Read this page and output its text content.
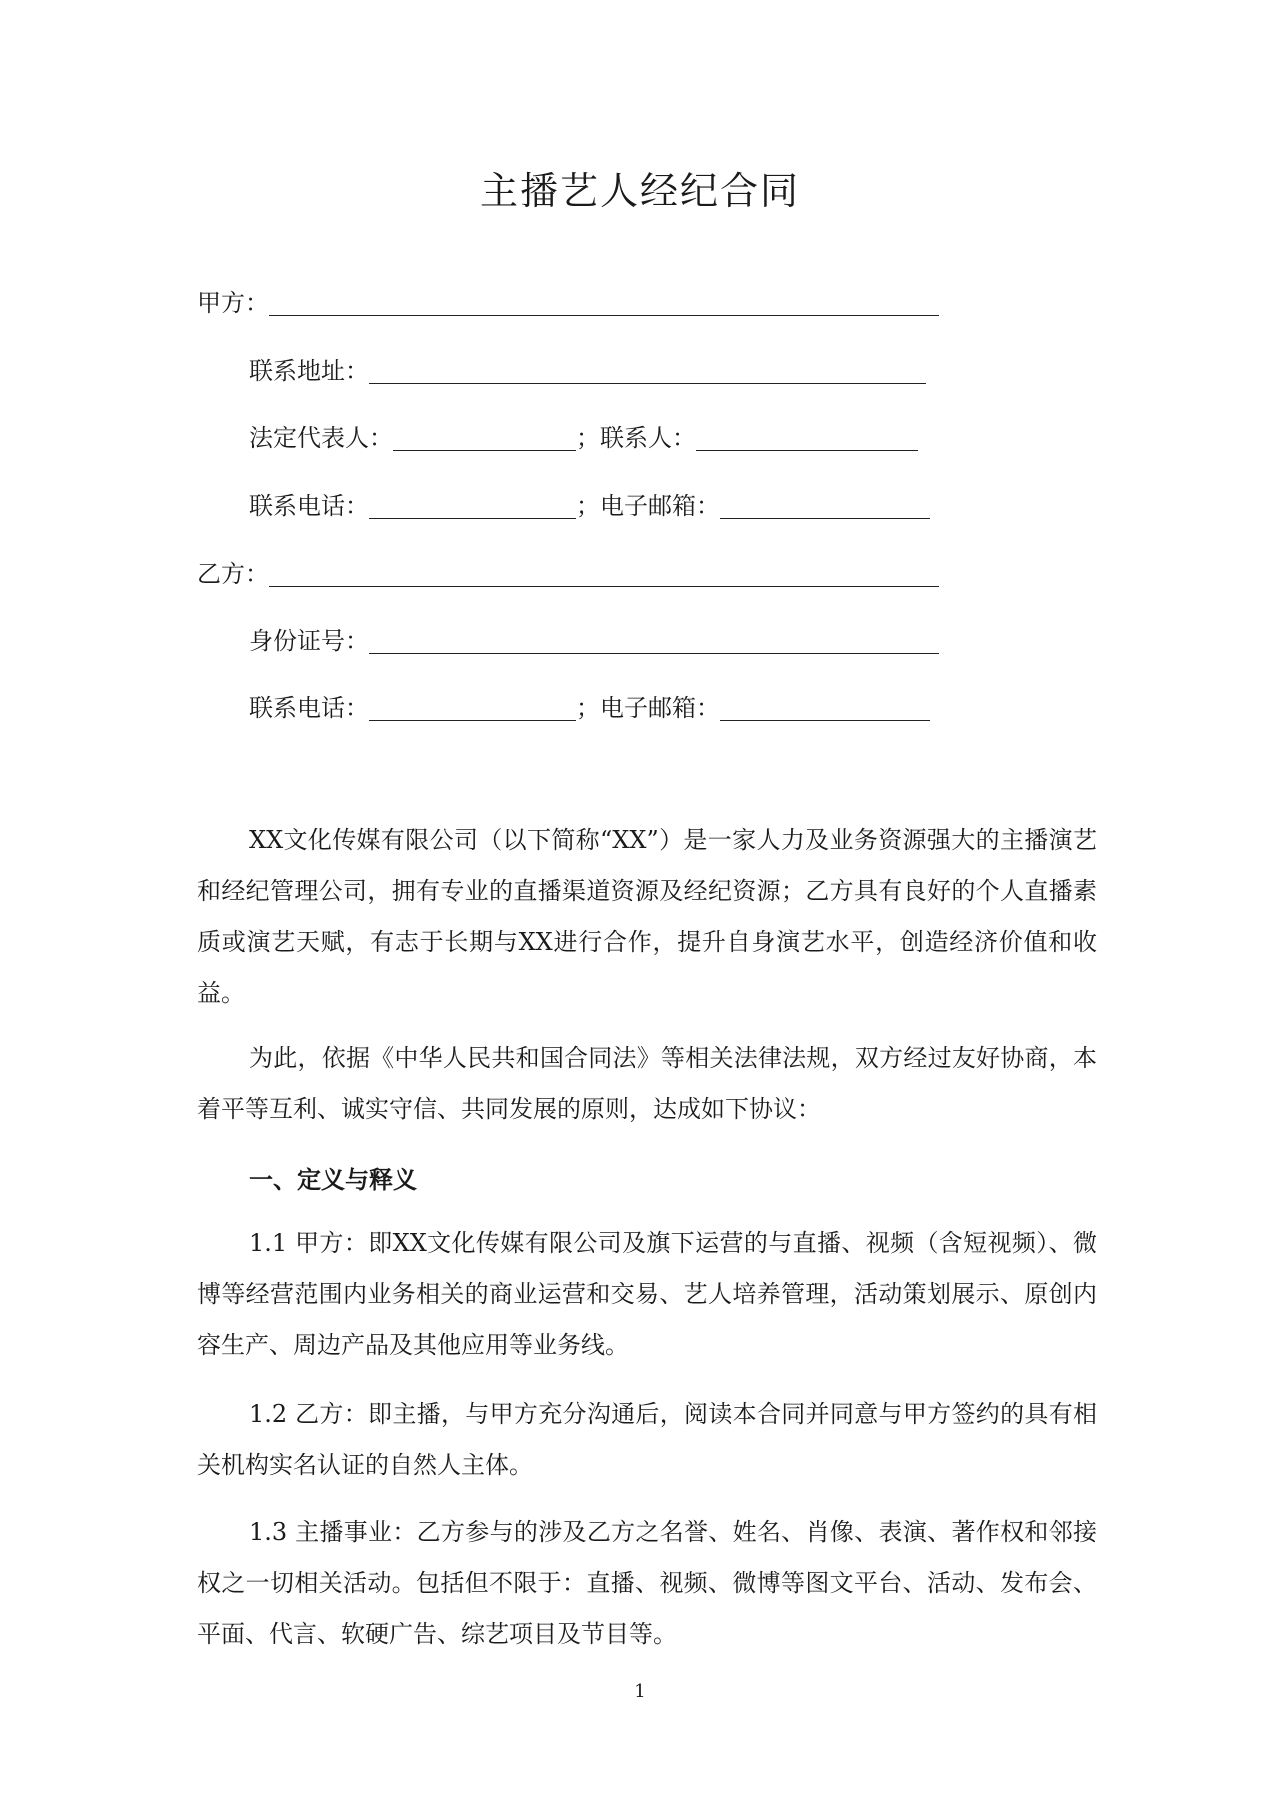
主播艺人经纪合同
甲方：
联系地址：
法定代表人：	； 联系人：
联系电话：	； 电子邮箱：
乙方：
身份证号：
联系电话：	； 电子邮箱：

XX文化传媒有限公司（以下简称“XX”）是一家人力及业务资源强大的主播演艺和经纪管理公司，拥有专业的直播渠道资源及经纪资源；乙方具有良好的个人直播素质或演艺天赋，有志于长期与XX进行合作，提升自身演艺水平，创造经济价值和收益。

为此，依据《中华人民共和国合同法》等相关法律法规，双方经过友好协商，本着平等互利、诚实守信、共同发展的原则，达成如下协议：

一、定义与释义

1.1 甲方：即XX文化传媒有限公司及旗下运营的与直播、视频（含短视频）、微博等经营范围内业务相关的商业运营和交易、艺人培养管理，活动策划展示、原创内容生产、周边产品及其他应用等业务线。

1.2 乙方：即主播，与甲方充分沟通后，阅读本合同并同意与甲方签约的具有相关机构实名认证的自然人主体。

1.3 主播事业：乙方参与的涉及乙方之名誉、姓名、肖像、表演、著作权和邻接权之一切相关活动。包括但不限于：直播、视频、微博等图文平台、活动、发布会、平面、代言、软硬广告、综艺项目及节目等。

1
